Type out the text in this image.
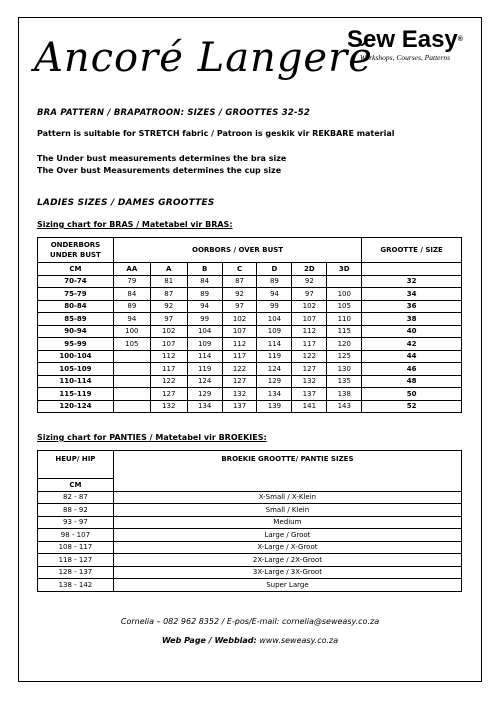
Ancoré Langeré
Sew Easy®
Workshops, Courses, Patterns
BRA PATTERN / BRAPATROON: SIZES / GROOTTES 32-52
Pattern is suitable for STRETCH fabric / Patroon is geskik vir REKBARE material
The Under bust measurements determines the bra size
The Over bust Measurements determines the cup size
LADIES SIZES / DAMES GROOTTES
Sizing chart for BRAS / Matetabel vir BRAS:
ONDERBORS UNDER BUST	OORBORS / OVER BUST							GROOTTE / SIZE
CM	AA	A	B	C	D	2D	3D	
70-74	79	81	84	87	89	92		32
75-79	84	87	89	92	94	97	100	34
80-84	89	92	94	97	99	102	105	36
85-89	94	97	99	102	104	107	110	38
90-94	100	102	104	107	109	112	115	40
95-99	105	107	109	112	114	117	120	42
100-104		112	114	117	119	122	125	44
105-109		117	119	122	124	127	130	46
110-114		122	124	127	129	132	135	48
115-119		127	129	132	134	137	138	50
120-124		132	134	137	139	141	143	52
Sizing chart for PANTIES / Matetabel vir BROEKIES:
HEUP/ HIP	BROEKIE GROOTTE/ PANTIE SIZES
CM	
82 - 87	X-Small / X-Klein
88 - 92	Small / Klein
93 - 97	Medium
98 - 107	Large / Groot
108 - 117	X-Large / X-Groot
118 - 127	2X-Large / 2X-Groot
128 - 137	3X-Large / 3X-Groot
138 - 142	Super Large
Cornelia – 082 962 8352 / E-pos/E-mail: cornelia@seweasy.co.za
Web Page / Webblad: www.seweasy.co.za
